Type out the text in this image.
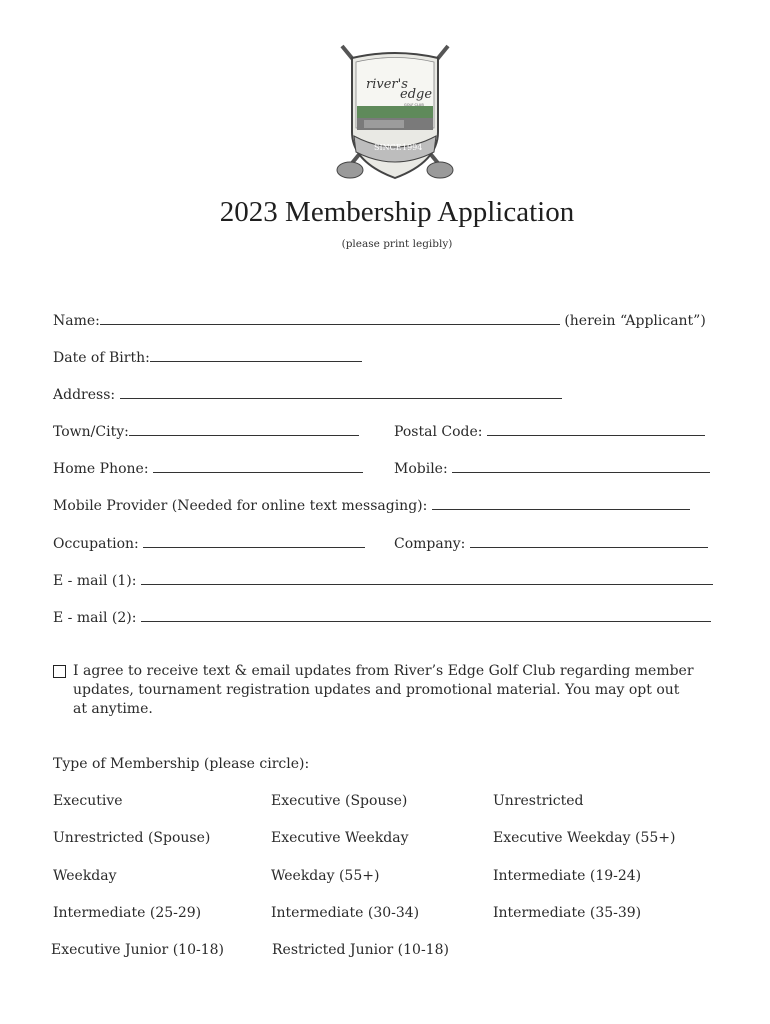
SINCE 1994
river's
edge
GOLF CLUB
2023 Membership Application
(please print legibly)
Name:	(herein “Applicant”)
Date of Birth:
Address:
Town/City:	Postal Code:
Home Phone:	Mobile:
Mobile Provider (Needed for online text messaging):
Occupation:	Company:
E - mail (1):
E - mail (2):
I agree to receive text & email updates from River’s Edge Golf Club regarding member
updates, tournament registration updates and promotional material. You may opt out
at anytime.
Type of Membership (please circle):
Executive	Executive (Spouse)	Unrestricted
Unrestricted (Spouse)	Executive Weekday	Executive Weekday (55+)
Weekday	Weekday (55+)	Intermediate (19-24)
Intermediate (25-29)	Intermediate (30-34)	Intermediate (35-39)
Executive Junior (10-18)	Restricted Junior (10-18)
